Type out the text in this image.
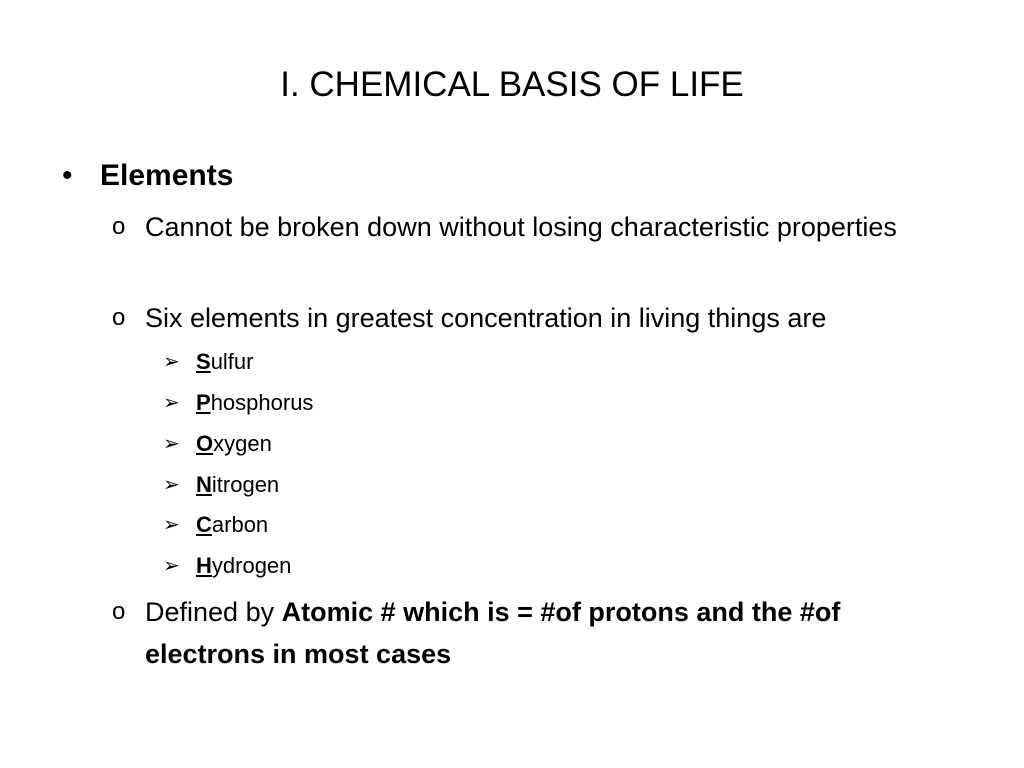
I. CHEMICAL BASIS OF LIFE
• Elements
o Cannot be broken down without losing characteristic properties
o Six elements in greatest concentration in living things are
➢ Sulfur
➢ Phosphorus
➢ Oxygen
➢ Nitrogen
➢ Carbon
➢ Hydrogen
o Defined by Atomic # which is = #of protons and the #of electrons in most cases
